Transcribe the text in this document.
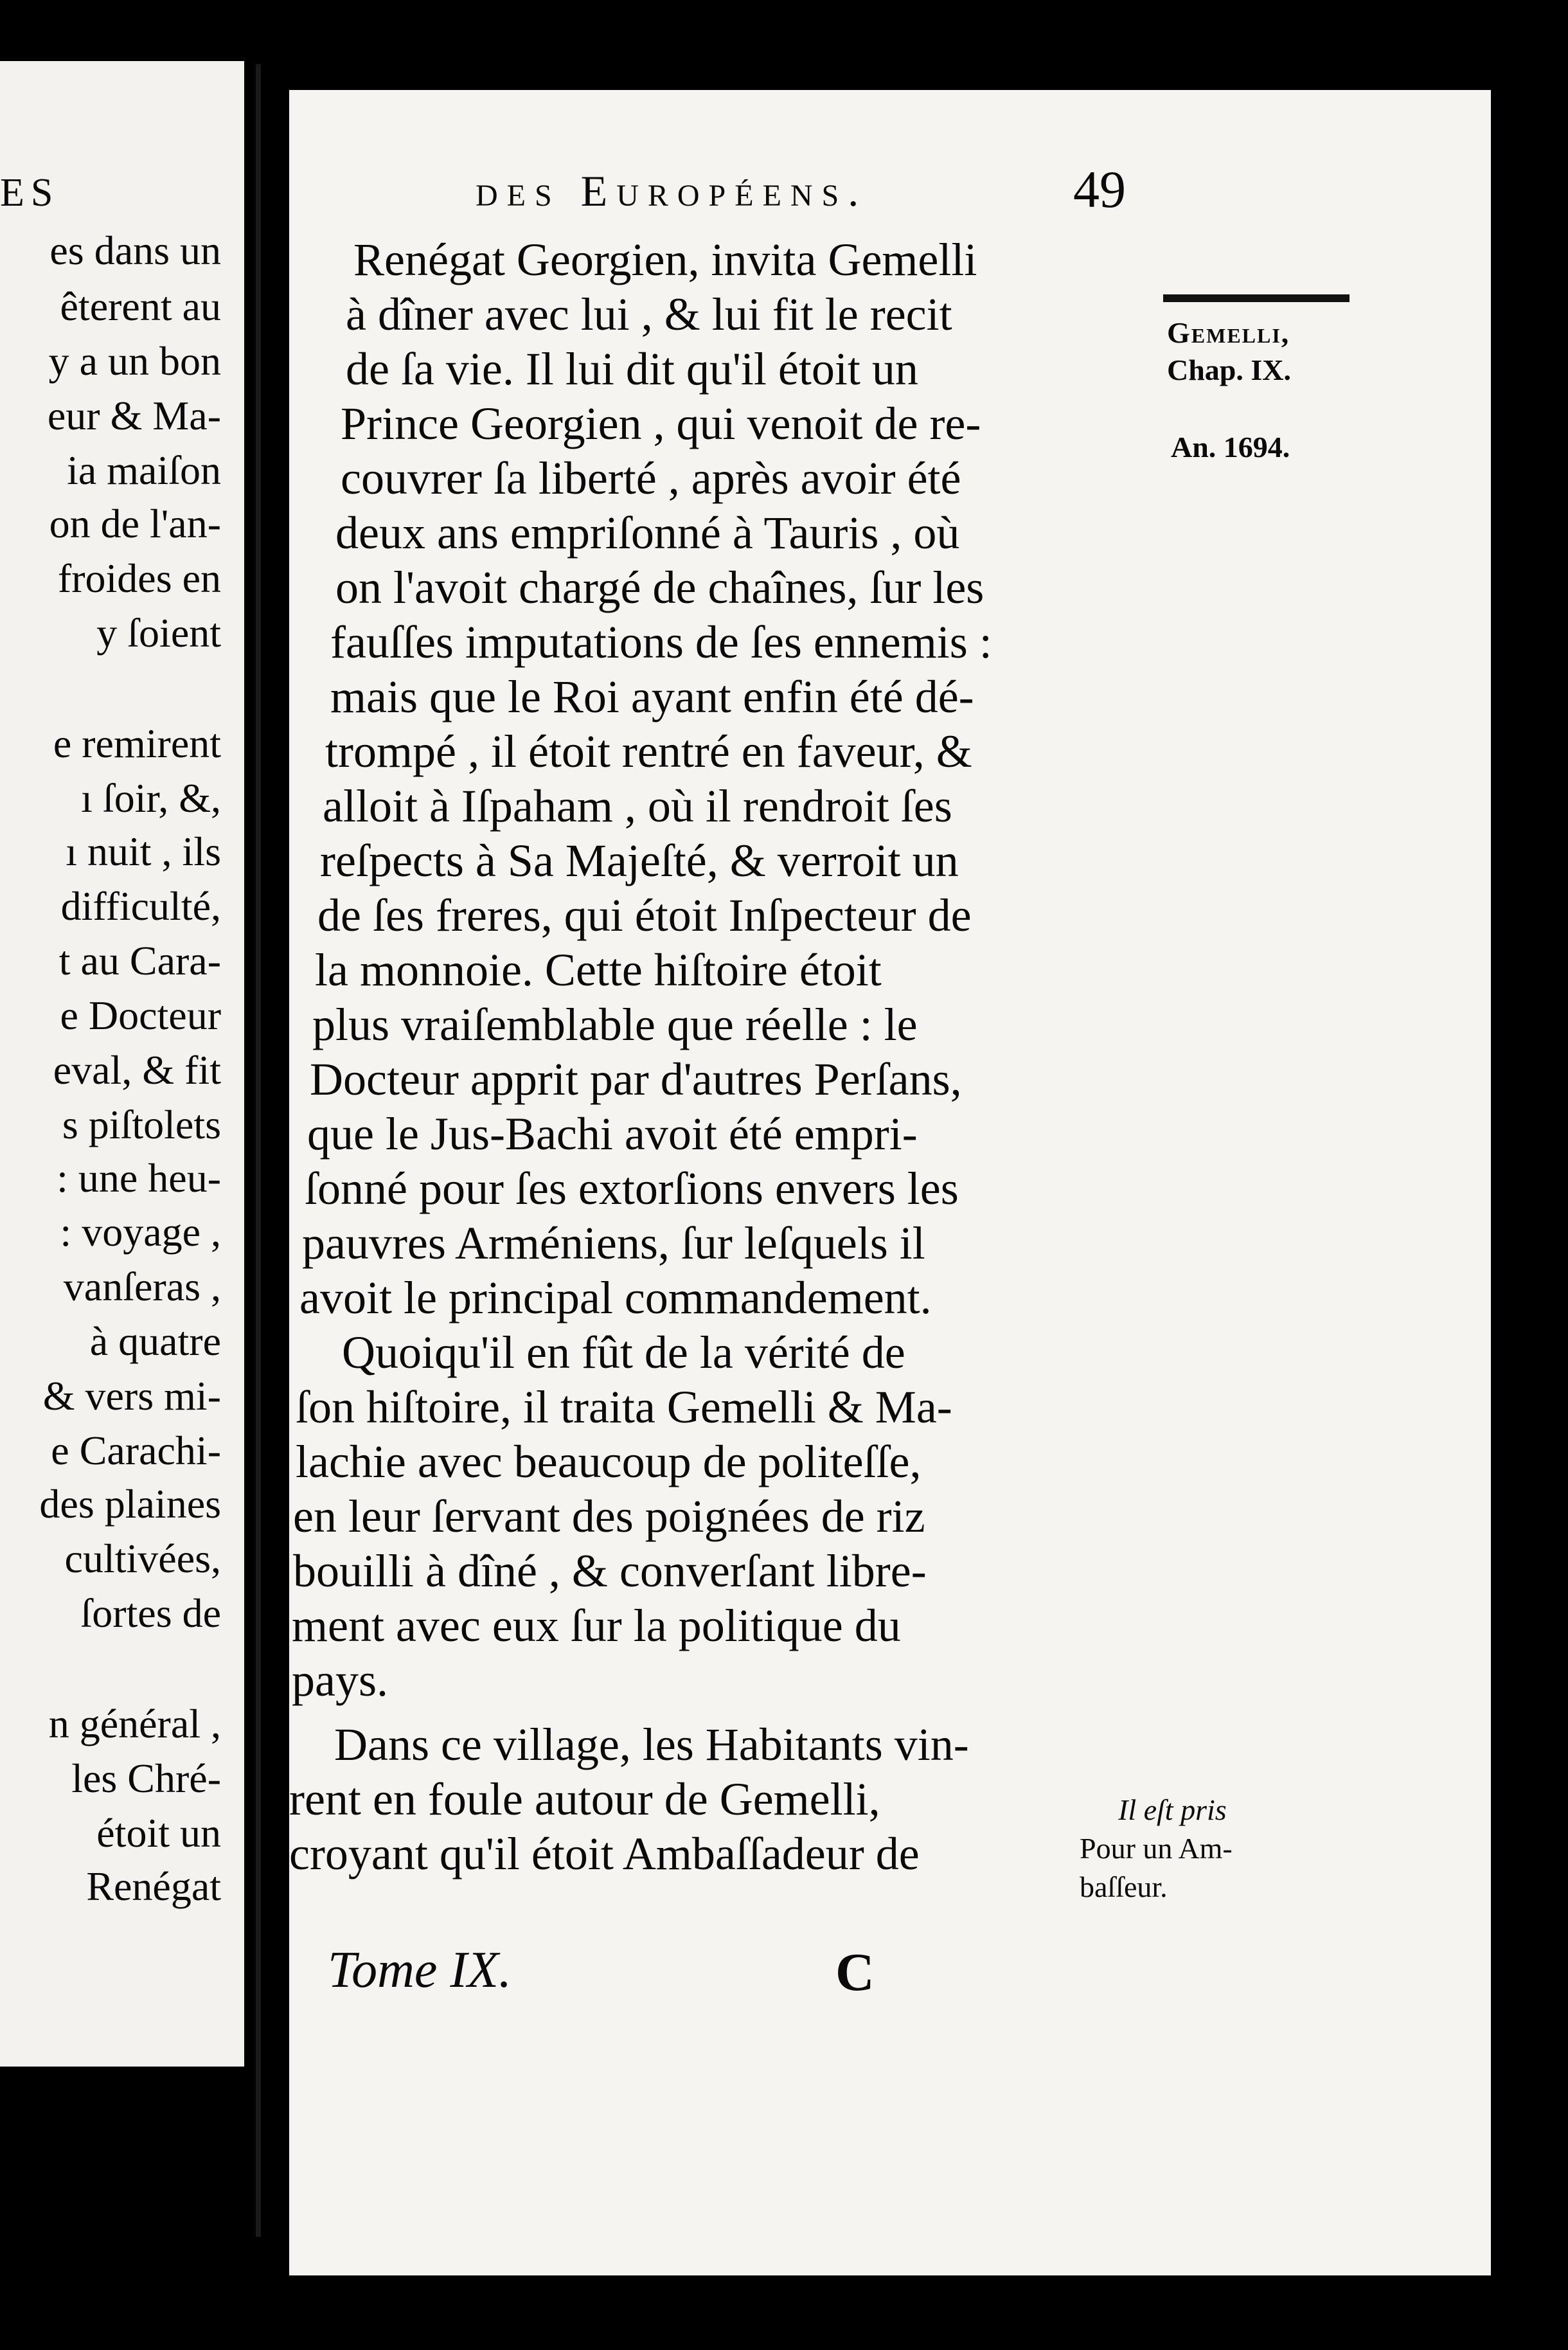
ES
es dans un
êterent au
y a un bon
eur & Ma-
ia maiſon
on de l'an-
froides en
y ſoient
e remirent
ı ſoir, &,
ı nuit , ils
difficulté,
t au Cara-
e Docteur
eval, & fit
s piſtolets
: une heu-
: voyage ,
vanſeras ,
à quatre
& vers mi-
e Carachi-
des plaines
cultivées,
ſortes de
n général ,
les Chré-
étoit un
Renégat
des Européens.	49
Renégat Georgien, invita Gemelli
à dîner avec lui , & lui fit le recit
de ſa vie. Il lui dit qu'il étoit un
Prince Georgien , qui venoit de re-
couvrer ſa liberté , après avoir été
deux ans empriſonné à Tauris , où
on l'avoit chargé de chaînes, ſur les
fauſſes imputations de ſes ennemis :
mais que le Roi ayant enfin été dé-
trompé , il étoit rentré en faveur, &
alloit à Iſpaham , où il rendroit ſes
reſpects à Sa Majeſté, & verroit un
de ſes freres, qui étoit Inſpecteur de
la monnoie. Cette hiſtoire étoit
plus vraiſemblable que réelle : le
Docteur apprit par d'autres Perſans,
que le Jus-Bachi avoit été empri-
ſonné pour ſes extorſions envers les
pauvres Arméniens, ſur leſquels il
avoit le principal commandement.
Quoiqu'il en fût de la vérité de
ſon hiſtoire, il traita Gemelli & Ma-
lachie avec beaucoup de politeſſe,
en leur ſervant des poignées de riz
bouilli à dîné , & converſant libre-
ment avec eux ſur la politique du
pays.
Dans ce village, les Habitants vin-
rent en foule autour de Gemelli,
croyant qu'il étoit Ambaſſadeur de
Gemelli,
Chap. IX.
An. 1694.
Il eſt pris
Pour un Am-
baſſeur.
Tome IX.	C
